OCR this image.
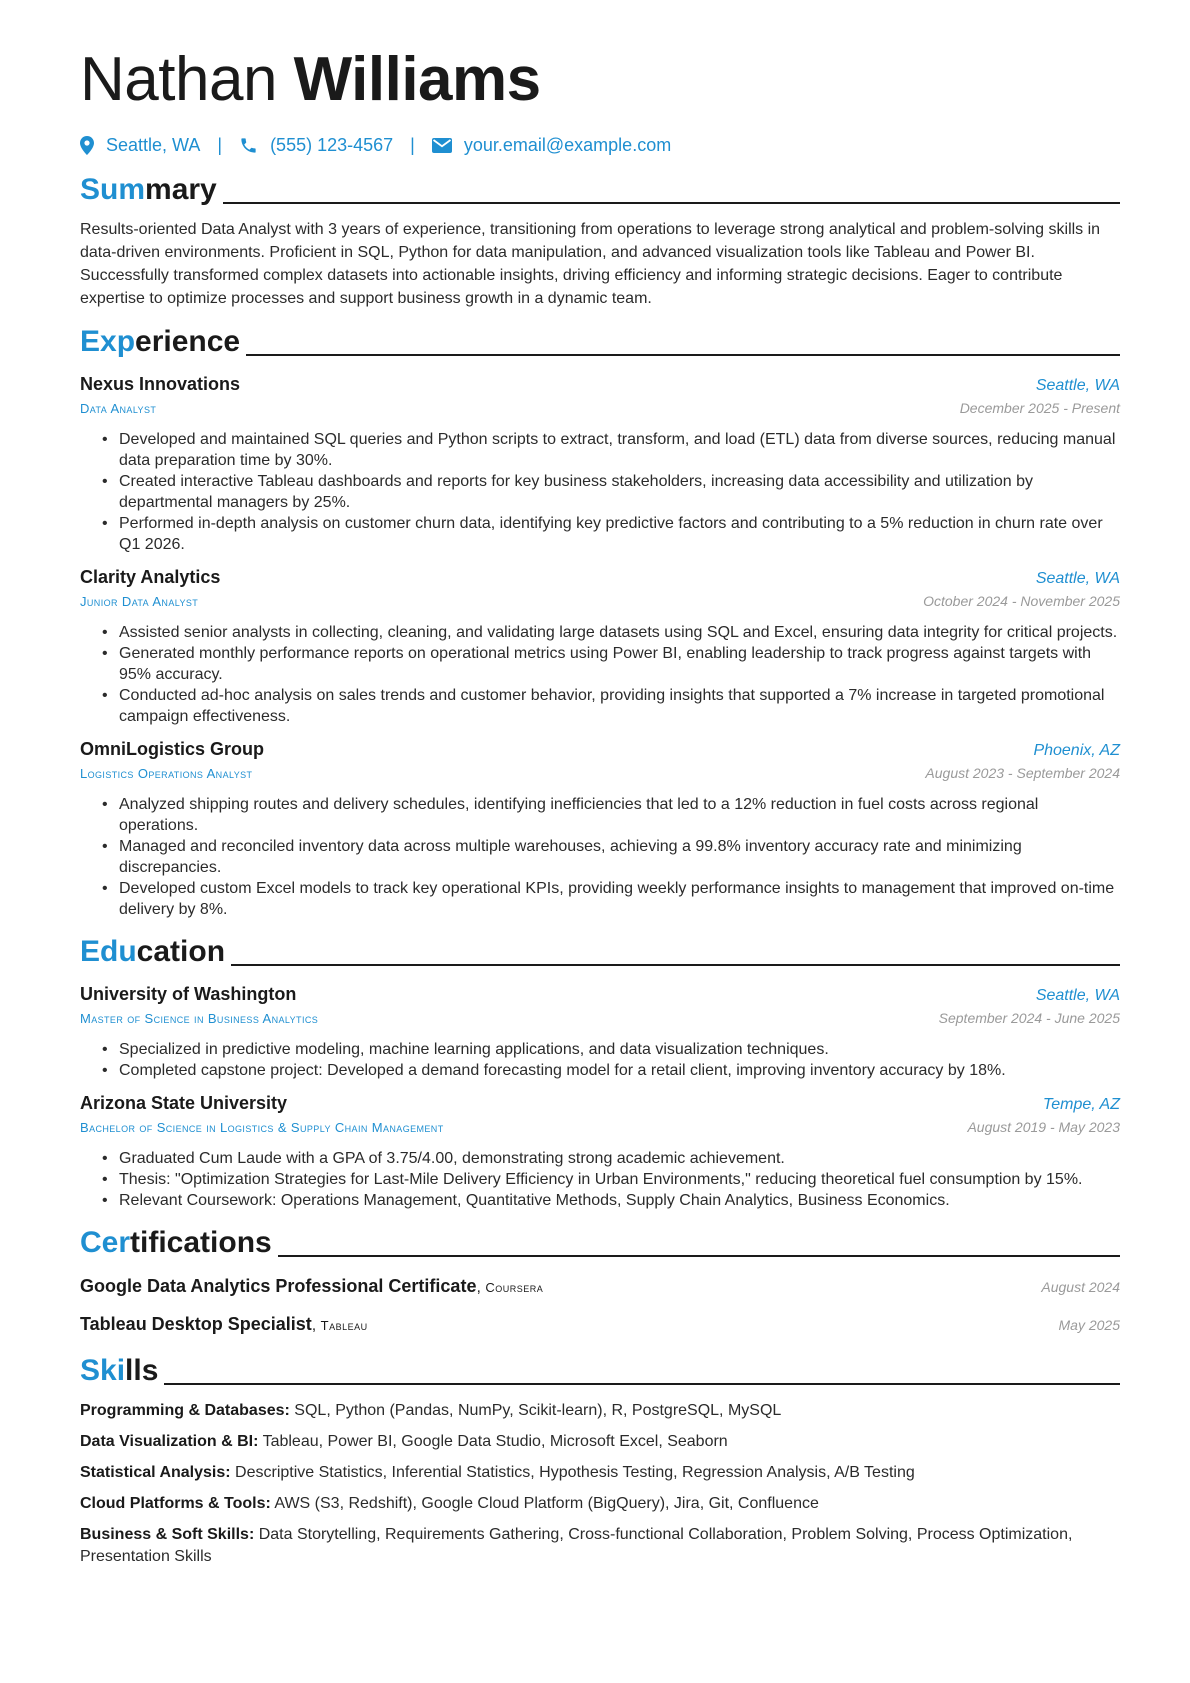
Nathan Williams
Seattle, WA |	(555) 123-4567 |	your.email@example.com
Summary

Results-oriented Data Analyst with 3 years of experience, transitioning from operations to leverage strong analytical and problem-solving skills in data-driven environments. Proficient in SQL, Python for data manipulation, and advanced visualization tools like Tableau and Power BI. Successfully transformed complex datasets into actionable insights, driving efficiency and informing strategic decisions. Eager to contribute expertise to optimize processes and support business growth in a dynamic team.

Experience
Nexus Innovations	Seattle, WA
Data Analyst	December 2025 - Present
• Developed and maintained SQL queries and Python scripts to extract, transform, and load (ETL) data from diverse sources, reducing manual data preparation time by 30%.
• Created interactive Tableau dashboards and reports for key business stakeholders, increasing data accessibility and utilization by departmental managers by 25%.
• Performed in-depth analysis on customer churn data, identifying key predictive factors and contributing to a 5% reduction in churn rate over Q1 2026.
Clarity Analytics	Seattle, WA
Junior Data Analyst	October 2024 - November 2025
• Assisted senior analysts in collecting, cleaning, and validating large datasets using SQL and Excel, ensuring data integrity for critical projects.
• Generated monthly performance reports on operational metrics using Power BI, enabling leadership to track progress against targets with 95% accuracy.
• Conducted ad-hoc analysis on sales trends and customer behavior, providing insights that supported a 7% increase in targeted promotional campaign effectiveness.
OmniLogistics Group	Phoenix, AZ
Logistics Operations Analyst	August 2023 - September 2024
• Analyzed shipping routes and delivery schedules, identifying inefficiencies that led to a 12% reduction in fuel costs across regional operations.
• Managed and reconciled inventory data across multiple warehouses, achieving a 99.8% inventory accuracy rate and minimizing discrepancies.
• Developed custom Excel models to track key operational KPIs, providing weekly performance insights to management that improved on-time delivery by 8%.
Education
University of Washington	Seattle, WA
Master of Science in Business Analytics	September 2024 - June 2025
• Specialized in predictive modeling, machine learning applications, and data visualization techniques.
• Completed capstone project: Developed a demand forecasting model for a retail client, improving inventory accuracy by 18%.
Arizona State University	Tempe, AZ
Bachelor of Science in Logistics & Supply Chain Management	August 2019 - May 2023
• Graduated Cum Laude with a GPA of 3.75/4.00, demonstrating strong academic achievement.
• Thesis: "Optimization Strategies for Last-Mile Delivery Efficiency in Urban Environments," reducing theoretical fuel consumption by 15%.
• Relevant Coursework: Operations Management, Quantitative Methods, Supply Chain Analytics, Business Economics.
Certifications
Google Data Analytics Professional Certificate, Coursera	August 2024
Tableau Desktop Specialist, Tableau	May 2025
Skills

Programming & Databases: SQL, Python (Pandas, NumPy, Scikit-learn), R, PostgreSQL, MySQL

Data Visualization & BI: Tableau, Power BI, Google Data Studio, Microsoft Excel, Seaborn

Statistical Analysis: Descriptive Statistics, Inferential Statistics, Hypothesis Testing, Regression Analysis, A/B Testing

Cloud Platforms & Tools: AWS (S3, Redshift), Google Cloud Platform (BigQuery), Jira, Git, Confluence

Business & Soft Skills: Data Storytelling, Requirements Gathering, Cross-functional Collaboration, Problem Solving, Process Optimization, Presentation Skills
